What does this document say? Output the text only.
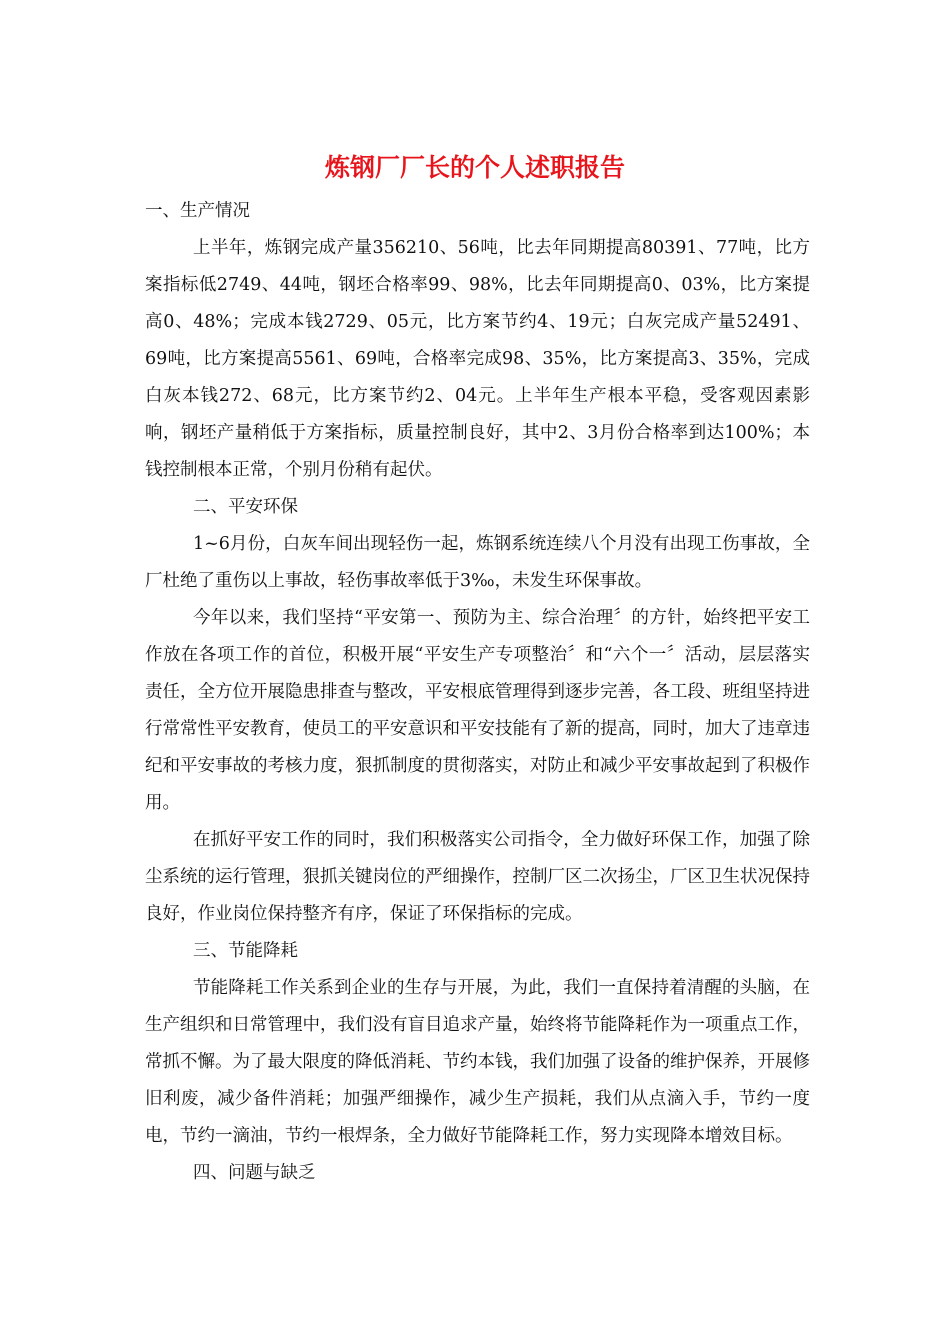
炼钢厂厂长的个人述职报告

一、生产情况

上半年，炼钢完成产量356210、56吨，比去年同期提高80391、77吨，比方案指标低2749、44吨，钢坯合格率99、98%，比去年同期提高0、03%，比方案提高0、48%；完成本钱2729、05元，比方案节约4、19元；白灰完成产量52491、69吨，比方案提高5561、69吨，合格率完成98、35%，比方案提高3、35%，完成白灰本钱272、68元，比方案节约2、04元。上半年生产根本平稳，受客观因素影响，钢坯产量稍低于方案指标，质量控制良好，其中2、3月份合格率到达100%；本钱控制根本正常，个别月份稍有起伏。

二、平安环保

1~6月份，白灰车间出现轻伤一起，炼钢系统连续八个月没有出现工伤事故，全厂杜绝了重伤以上事故，轻伤事故率低于3‰，未发生环保事故。

今年以来，我们坚持“平安第一、预防为主、综合治理〞的方针，始终把平安工作放在各项工作的首位，积极开展“平安生产专项整治〞和“六个一〞活动，层层落实责任，全方位开展隐患排查与整改，平安根底管理得到逐步完善，各工段、班组坚持进行常常性平安教育，使员工的平安意识和平安技能有了新的提高，同时，加大了违章违纪和平安事故的考核力度，狠抓制度的贯彻落实，对防止和减少平安事故起到了积极作用。

在抓好平安工作的同时，我们积极落实公司指令，全力做好环保工作，加强了除尘系统的运行管理，狠抓关键岗位的严细操作，控制厂区二次扬尘，厂区卫生状况保持良好，作业岗位保持整齐有序，保证了环保指标的完成。

三、节能降耗

节能降耗工作关系到企业的生存与开展，为此，我们一直保持着清醒的头脑，在生产组织和日常管理中，我们没有盲目追求产量，始终将节能降耗作为一项重点工作，常抓不懈。为了最大限度的降低消耗、节约本钱，我们加强了设备的维护保养，开展修旧利废，减少备件消耗；加强严细操作，减少生产损耗，我们从点滴入手，节约一度电，节约一滴油，节约一根焊条，全力做好节能降耗工作，努力实现降本增效目标。

四、问题与缺乏
